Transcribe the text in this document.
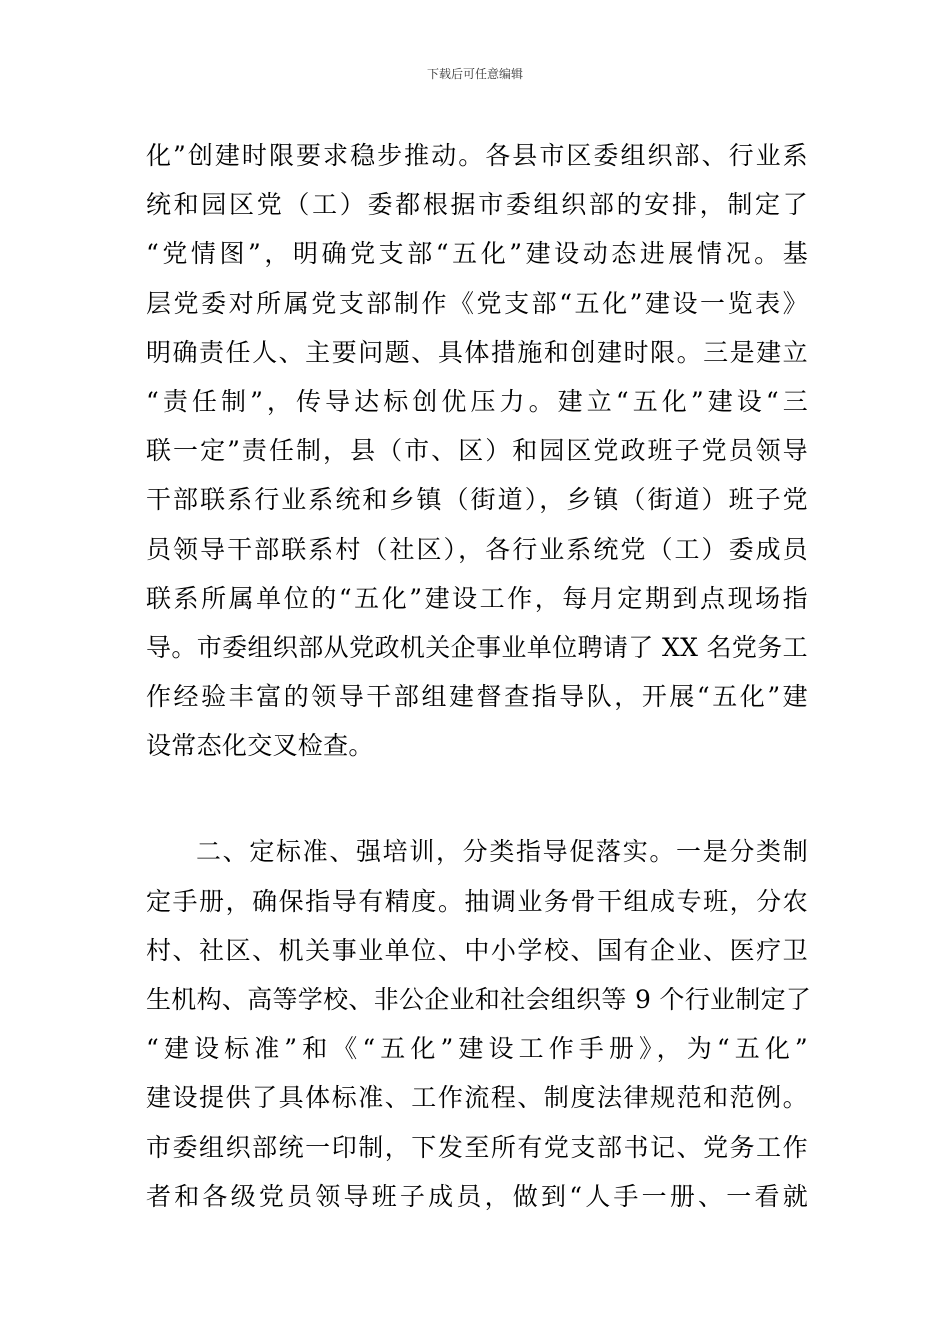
下载后可任意编辑
化”创建时限要求稳步推动。各县市区委组织部、行业系
统和园区党（工）委都根据市委组织部的安排，制定了
“党情图”，明确党支部“五化”建设动态进展情况。基
层党委对所属党支部制作《党支部“五化”建设一览表》
明确责任人、主要问题、具体措施和创建时限。三是建立
“责任制”，传导达标创优压力。建立“五化”建设“三
联一定”责任制，县（市、区）和园区党政班子党员领导
干部联系行业系统和乡镇（街道），乡镇（街道）班子党
员领导干部联系村（社区），各行业系统党（工）委成员
联系所属单位的“五化”建设工作，每月定期到点现场指
导。市委组织部从党政机关企事业单位聘请了 XX 名党务工
作经验丰富的领导干部组建督查指导队，开展“五化”建
设常态化交叉检查。
二、定标准、强培训，分类指导促落实。一是分类制
定手册，确保指导有精度。抽调业务骨干组成专班，分农
村、社区、机关事业单位、中小学校、国有企业、医疗卫
生机构、高等学校、非公企业和社会组织等 9 个行业制定了
“建设标准”和《“五化”建设工作手册》，为“五化”
建设提供了具体标准、工作流程、制度法律规范和范例。
市委组织部统一印制，下发至所有党支部书记、党务工作
者和各级党员领导班子成员，做到“人手一册、一看就
